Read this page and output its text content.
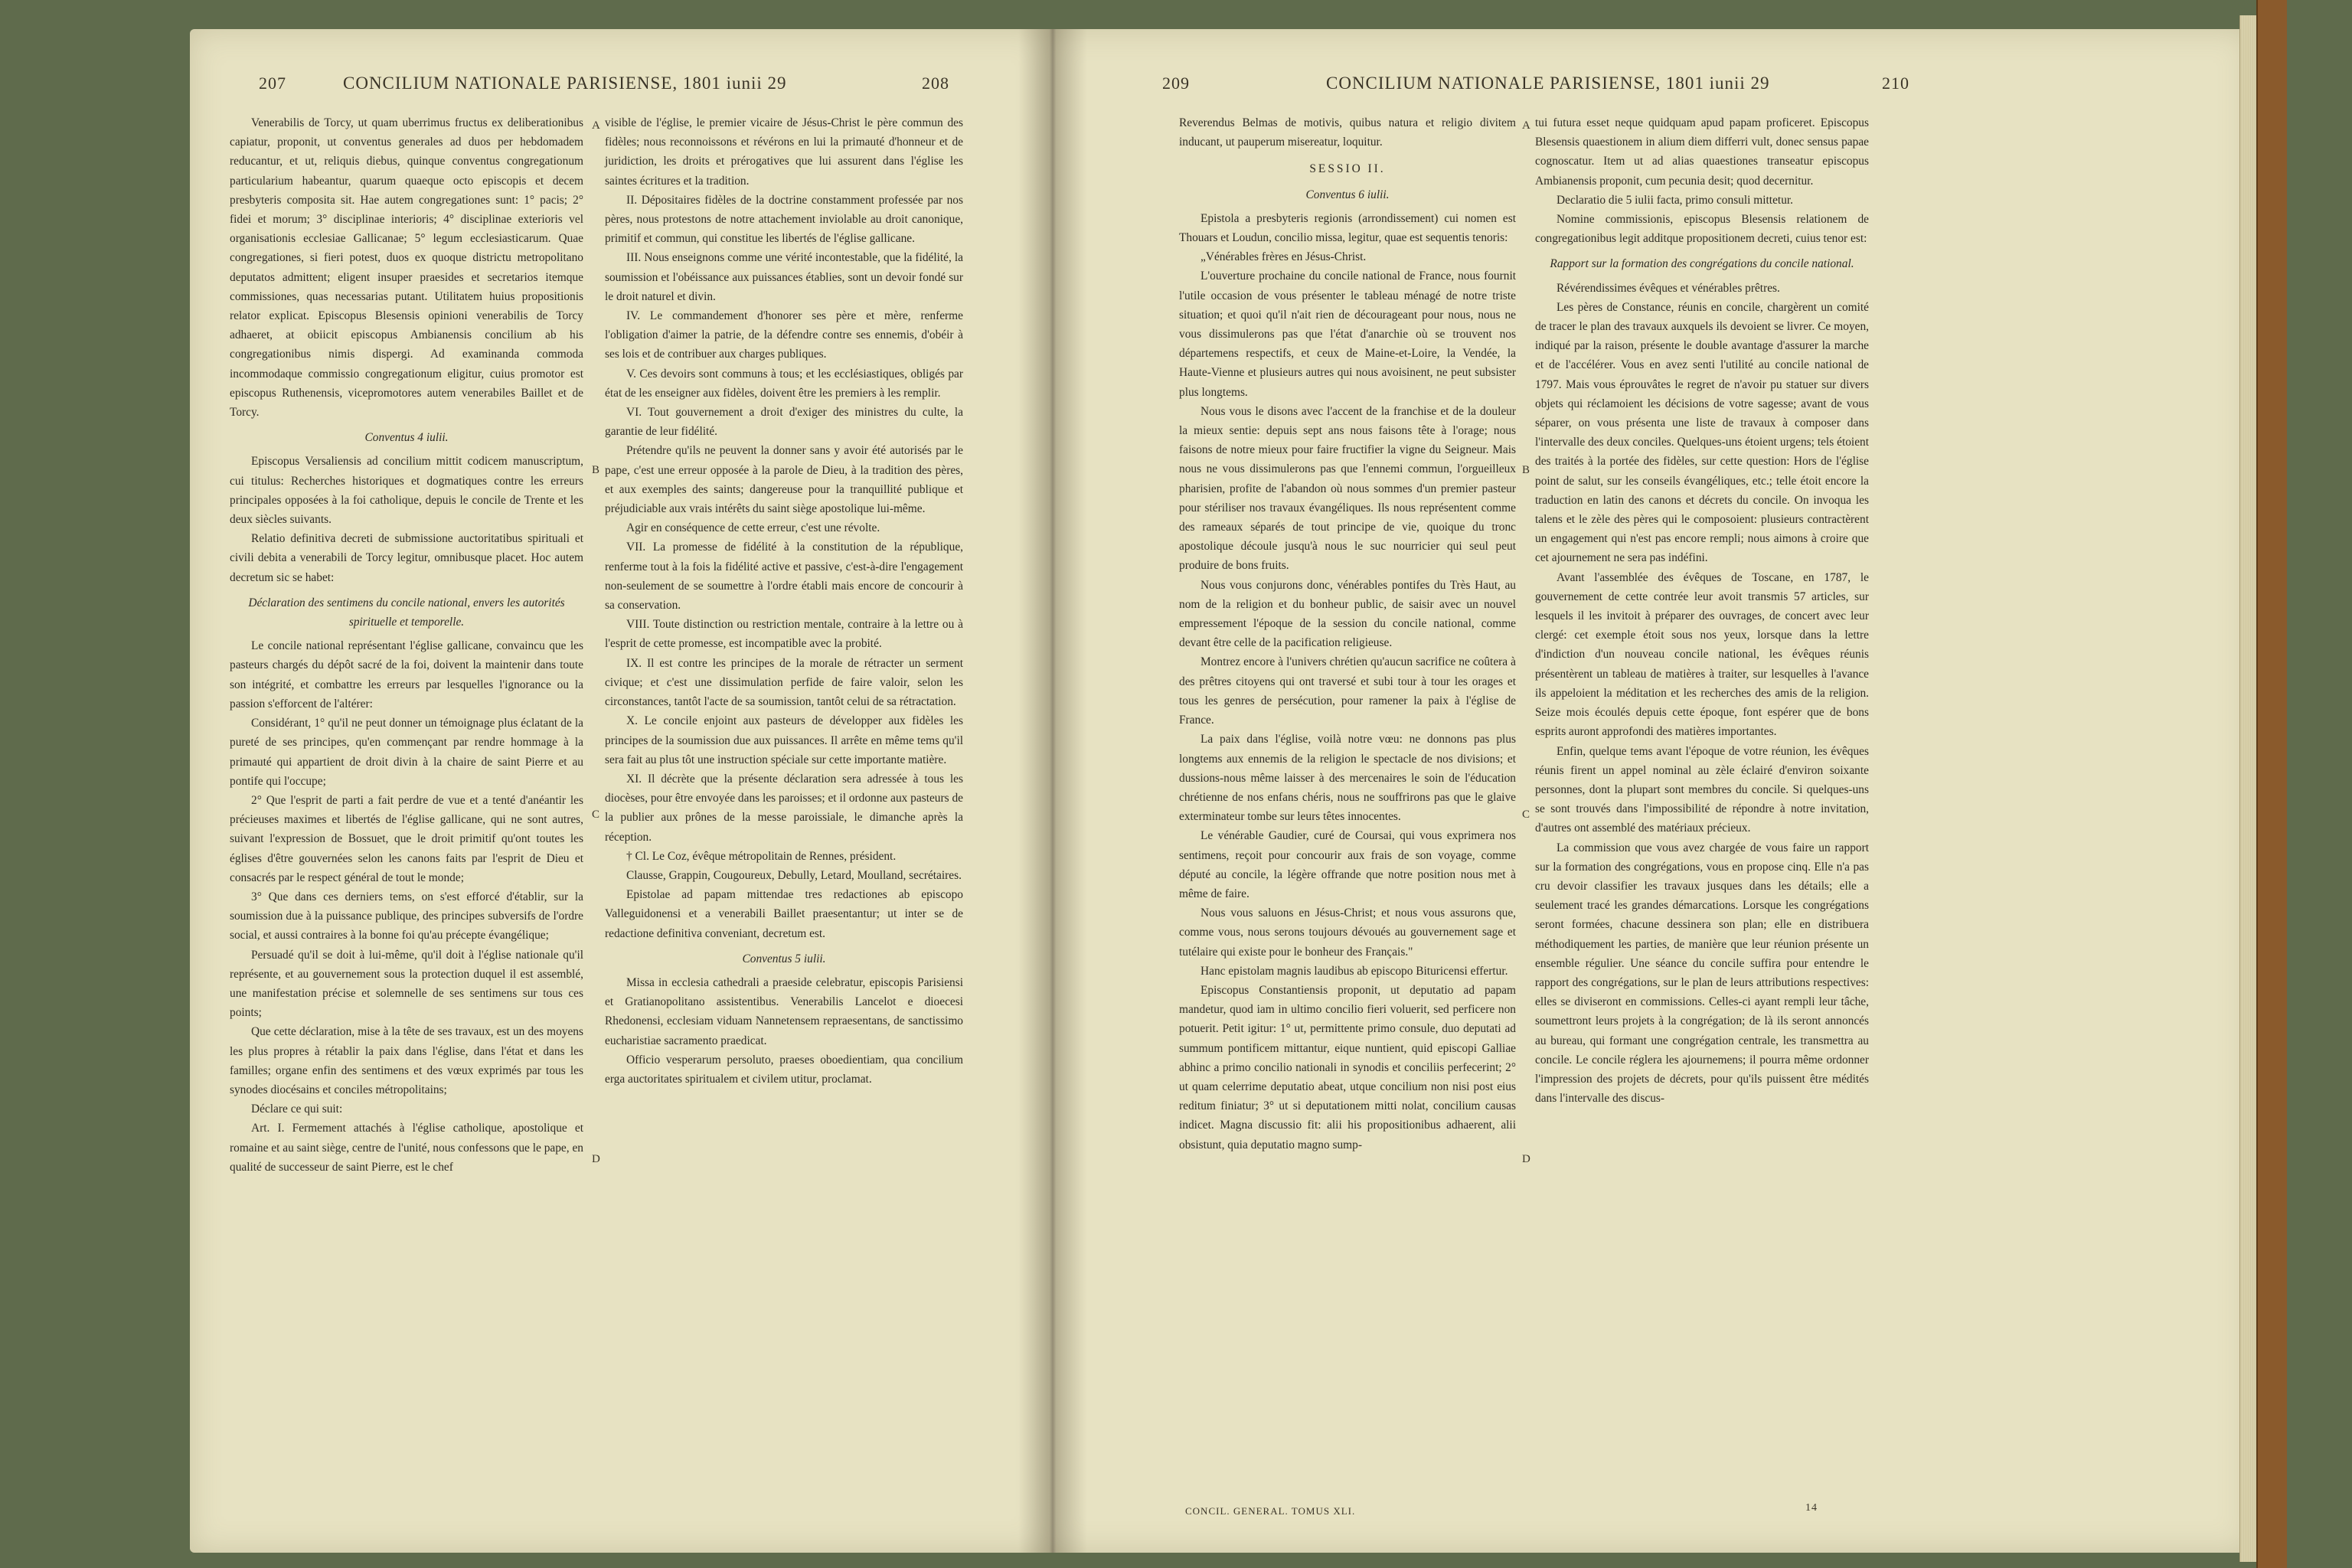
207	CONCILIUM NATIONALE PARISIENSE, 1801 iunii 29	208	209	CONCILIUM NATIONALE PARISIENSE, 1801 iunii 29	210

Venerabilis de Torcy, ut quam uberrimus fructus ex deliberationibus capiatur, proponit, ut conventus generales ad duos per hebdomadem reducantur, et ut, reliquis diebus, quinque conventus congregationum particularium habeantur, quarum quaeque octo episcopis et decem presbyteris composita sit. Hae autem congregationes sunt: 1° pacis; 2° fidei et morum; 3° disciplinae interioris; 4° disciplinae exterioris vel organisationis ecclesiae Gallicanae; 5° legum ecclesiasticarum. Quae congregationes, si fieri potest, duos ex quoque districtu metropolitano deputatos admittent; eligent insuper praesides et secretarios itemque commissiones, quas necessarias putant. Utilitatem huius propositionis relator explicat. Episcopus Blesensis opinioni venerabilis de Torcy adhaeret, at obiicit episcopus Ambianensis concilium ab his congregationibus nimis dispergi. Ad examinanda commoda incommodaque commissio congregationum eligitur, cuius promotor est episcopus Ruthenensis, vicepromotores autem venerabiles Baillet et de Torcy.

Conventus 4 iulii.

Episcopus Versaliensis ad concilium mittit codicem manuscriptum, cui titulus: Recherches historiques et dogmatiques contre les erreurs principales opposées à la foi catholique, depuis le concile de Trente et les deux siècles suivants.

Relatio definitiva decreti de submissione auctoritatibus spirituali et civili debita a venerabili de Torcy legitur, omnibusque placet. Hoc autem decretum sic se habet:

Déclaration des sentimens du concile national, envers les autorités spirituelle et temporelle.

Le concile national représentant l'église gallicane, convaincu que les pasteurs chargés du dépôt sacré de la foi, doivent la maintenir dans toute son intégrité, et combattre les erreurs par lesquelles l'ignorance ou la passion s'efforcent de l'altérer:

Considérant, 1° qu'il ne peut donner un témoignage plus éclatant de la pureté de ses principes, qu'en commençant par rendre hommage à la primauté qui appartient de droit divin à la chaire de saint Pierre et au pontife qui l'occupe;

2° Que l'esprit de parti a fait perdre de vue et a tenté d'anéantir les précieuses maximes et libertés de l'église gallicane, qui ne sont autres, suivant l'expression de Bossuet, que le droit primitif qu'ont toutes les églises d'être gouvernées selon les canons faits par l'esprit de Dieu et consacrés par le respect général de tout le monde;

3° Que dans ces derniers tems, on s'est efforcé d'établir, sur la soumission due à la puissance publique, des principes subversifs de l'ordre social, et aussi contraires à la bonne foi qu'au précepte évangélique;

Persuadé qu'il se doit à lui-même, qu'il doit à l'église nationale qu'il représente, et au gouvernement sous la protection duquel il est assemblé, une manifestation précise et solemnelle de ses sentimens sur tous ces points;

Que cette déclaration, mise à la tête de ses travaux, est un des moyens les plus propres à rétablir la paix dans l'église, dans l'état et dans les familles; organe enfin des sentimens et des vœux exprimés par tous les synodes diocésains et conciles métropolitains;

Déclare ce qui suit:

Art. I. Fermement attachés à l'église catholique, apostolique et romaine et au saint siège, centre de l'unité, nous confessons que le pape, en qualité de successeur de saint Pierre, est le chef

visible de l'église, le premier vicaire de Jésus-Christ le père commun des fidèles; nous reconnoissons et révérons en lui la primauté d'honneur et de juridiction, les droits et prérogatives que lui assurent dans l'église les saintes écritures et la tradition.

II. Dépositaires fidèles de la doctrine constamment professée par nos pères, nous protestons de notre attachement inviolable au droit canonique, primitif et commun, qui constitue les libertés de l'église gallicane.

III. Nous enseignons comme une vérité incontestable, que la fidélité, la soumission et l'obéissance aux puissances établies, sont un devoir fondé sur le droit naturel et divin.

IV. Le commandement d'honorer ses père et mère, renferme l'obligation d'aimer la patrie, de la défendre contre ses ennemis, d'obéir à ses lois et de contribuer aux charges publiques.

V. Ces devoirs sont communs à tous; et les ecclésiastiques, obligés par état de les enseigner aux fidèles, doivent être les premiers à les remplir.

VI. Tout gouvernement a droit d'exiger des ministres du culte, la garantie de leur fidélité.

Prétendre qu'ils ne peuvent la donner sans y avoir été autorisés par le pape, c'est une erreur opposée à la parole de Dieu, à la tradition des pères, et aux exemples des saints; dangereuse pour la tranquillité publique et préjudiciable aux vrais intérêts du saint siège apostolique lui-même.

Agir en conséquence de cette erreur, c'est une révolte.

VII. La promesse de fidélité à la constitution de la république, renferme tout à la fois la fidélité active et passive, c'est-à-dire l'engagement non-seulement de se soumettre à l'ordre établi mais encore de concourir à sa conservation.

VIII. Toute distinction ou restriction mentale, contraire à la lettre ou à l'esprit de cette promesse, est incompatible avec la probité.

IX. Il est contre les principes de la morale de rétracter un serment civique; et c'est une dissimulation perfide de faire valoir, selon les circonstances, tantôt l'acte de sa soumission, tantôt celui de sa rétractation.

X. Le concile enjoint aux pasteurs de développer aux fidèles les principes de la soumission due aux puissances. Il arrête en même tems qu'il sera fait au plus tôt une instruction spéciale sur cette importante matière.

XI. Il décrète que la présente déclaration sera adressée à tous les diocèses, pour être envoyée dans les paroisses; et il ordonne aux pasteurs de la publier aux prônes de la messe paroissiale, le dimanche après la réception.

† Cl. Le Coz, évêque métropolitain de Rennes, président.

Clausse, Grappin, Cougoureux, Debully, Letard, Moulland, secrétaires.

Epistolae ad papam mittendae tres redactiones ab episcopo Valleguidonensi et a venerabili Baillet praesentantur; ut inter se de redactione definitiva conveniant, decretum est.

Conventus 5 iulii.

Missa in ecclesia cathedrali a praeside celebratur, episcopis Parisiensi et Gratianopolitano assistentibus. Venerabilis Lancelot e dioecesi Rhedonensi, ecclesiam viduam Nannetensem repraesentans, de sanctissimo eucharistiae sacramento praedicat.

Officio vesperarum persoluto, praeses oboedientiam, qua concilium erga auctoritates spiritualem et civilem utitur, proclamat.

Reverendus Belmas de motivis, quibus natura et religio divitem inducant, ut pauperum misereatur, loquitur.

SESSIO II.

Conventus 6 iulii.

Epistola a presbyteris regionis (arrondissement) cui nomen est Thouars et Loudun, concilio missa, legitur, quae est sequentis tenoris:

„Vénérables frères en Jésus-Christ.

L'ouverture prochaine du concile national de France, nous fournit l'utile occasion de vous présenter le tableau ménagé de notre triste situation; et quoi qu'il n'ait rien de décourageant pour nous, nous ne vous dissimulerons pas que l'état d'anarchie où se trouvent nos départemens respectifs, et ceux de Maine-et-Loire, la Vendée, la Haute-Vienne et plusieurs autres qui nous avoisinent, ne peut subsister plus longtems.

Nous vous le disons avec l'accent de la franchise et de la douleur la mieux sentie: depuis sept ans nous faisons tête à l'orage; nous faisons de notre mieux pour faire fructifier la vigne du Seigneur. Mais nous ne vous dissimulerons pas que l'ennemi commun, l'orgueilleux pharisien, profite de l'abandon où nous sommes d'un premier pasteur pour stériliser nos travaux évangéliques. Ils nous représentent comme des rameaux séparés de tout principe de vie, quoique du tronc apostolique découle jusqu'à nous le suc nourricier qui seul peut produire de bons fruits.

Nous vous conjurons donc, vénérables pontifes du Très Haut, au nom de la religion et du bonheur public, de saisir avec un nouvel empressement l'époque de la session du concile national, comme devant être celle de la pacification religieuse.

Montrez encore à l'univers chrétien qu'aucun sacrifice ne coûtera à des prêtres citoyens qui ont traversé et subi tour à tour les orages et tous les genres de persécution, pour ramener la paix à l'église de France.

La paix dans l'église, voilà notre vœu: ne donnons pas plus longtems aux ennemis de la religion le spectacle de nos divisions; et dussions-nous même laisser à des mercenaires le soin de l'éducation chrétienne de nos enfans chéris, nous ne souffrirons pas que le glaive exterminateur tombe sur leurs têtes innocentes.

Le vénérable Gaudier, curé de Coursai, qui vous exprimera nos sentimens, reçoit pour concourir aux frais de son voyage, comme député au concile, la légère offrande que notre position nous met à même de faire.

Nous vous saluons en Jésus-Christ; et nous vous assurons que, comme vous, nous serons toujours dévoués au gouvernement sage et tutélaire qui existe pour le bonheur des Français."

Hanc epistolam magnis laudibus ab episcopo Bituricensi effertur.

Episcopus Constantiensis proponit, ut deputatio ad papam mandetur, quod iam in ultimo concilio fieri voluerit, sed perficere non potuerit. Petit igitur: 1° ut, permittente primo consule, duo deputati ad summum pontificem mittantur, eique nuntient, quid episcopi Galliae abhinc a primo concilio nationali in synodis et conciliis perfecerint; 2° ut quam celerrime deputatio abeat, utque concilium non nisi post eius reditum finiatur; 3° ut si deputationem mitti nolat, concilium causas indicet. Magna discussio fit: alii his propositionibus adhaerent, alii obsistunt, quia deputatio magno sump-

tui futura esset neque quidquam apud papam proficeret. Episcopus Blesensis quaestionem in alium diem differri vult, donec sensus papae cognoscatur. Item ut ad alias quaestiones transeatur episcopus Ambianensis proponit, cum pecunia desit; quod decernitur.

Declaratio die 5 iulii facta, primo consuli mittetur.

Nomine commissionis, episcopus Blesensis relationem de congregationibus legit additque propositionem decreti, cuius tenor est:

Rapport sur la formation des congrégations du concile national.

Révérendissimes évêques et vénérables prêtres.

Les pères de Constance, réunis en concile, chargèrent un comité de tracer le plan des travaux auxquels ils devoient se livrer. Ce moyen, indiqué par la raison, présente le double avantage d'assurer la marche et de l'accélérer. Vous en avez senti l'utilité au concile national de 1797. Mais vous éprouvâtes le regret de n'avoir pu statuer sur divers objets qui réclamoient les décisions de votre sagesse; avant de vous séparer, on vous présenta une liste de travaux à composer dans l'intervalle des deux conciles. Quelques-uns étoient urgens; tels étoient des traités à la portée des fidèles, sur cette question: Hors de l'église point de salut, sur les conseils évangéliques, etc.; telle étoit encore la traduction en latin des canons et décrets du concile. On invoqua les talens et le zèle des pères qui le composoient: plusieurs contractèrent un engagement qui n'est pas encore rempli; nous aimons à croire que cet ajournement ne sera pas indéfini.

Avant l'assemblée des évêques de Toscane, en 1787, le gouvernement de cette contrée leur avoit transmis 57 articles, sur lesquels il les invitoit à préparer des ouvrages, de concert avec leur clergé: cet exemple étoit sous nos yeux, lorsque dans la lettre d'indiction d'un nouveau concile national, les évêques réunis présentèrent un tableau de matières à traiter, sur lesquelles à l'avance ils appeloient la méditation et les recherches des amis de la religion. Seize mois écoulés depuis cette époque, font espérer que de bons esprits auront approfondi des matières importantes.

Enfin, quelque tems avant l'époque de votre réunion, les évêques réunis firent un appel nominal au zèle éclairé d'environ soixante personnes, dont la plupart sont membres du concile. Si quelques-uns se sont trouvés dans l'impossibilité de répondre à notre invitation, d'autres ont assemblé des matériaux précieux.

La commission que vous avez chargée de vous faire un rapport sur la formation des congrégations, vous en propose cinq. Elle n'a pas cru devoir classifier les travaux jusques dans les détails; elle a seulement tracé les grandes démarcations. Lorsque les congrégations seront formées, chacune dessinera son plan; elle en distribuera méthodiquement les parties, de manière que leur réunion présente un ensemble régulier. Une séance du concile suffira pour entendre le rapport des congrégations, sur le plan de leurs attributions respectives: elles se diviseront en commissions. Celles-ci ayant rempli leur tâche, soumettront leurs projets à la congrégation; de là ils seront annoncés au bureau, qui formant une congrégation centrale, les transmettra au concile. Le concile réglera les ajournemens; il pourra même ordonner l'impression des projets de décrets, pour qu'ils puissent être médités dans l'intervalle des discus-

A
B
C
D
A
B
C
D
CONCIL. GENERAL. TOMUS XLI.	14
